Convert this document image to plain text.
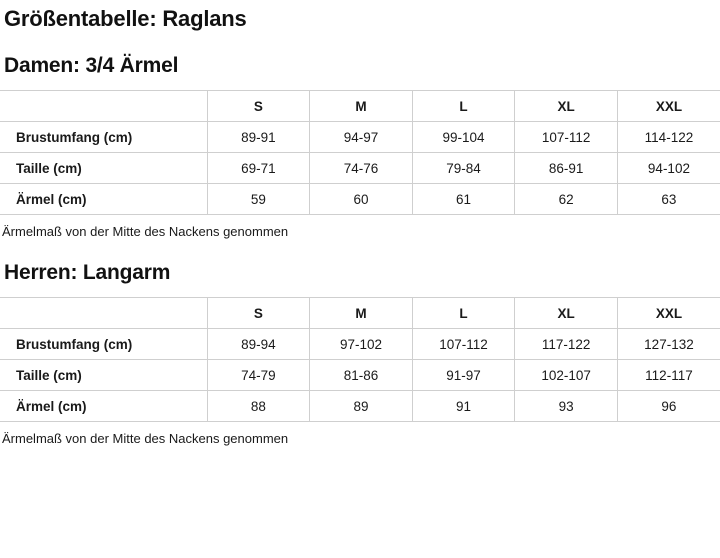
Größentabelle: Raglans
Damen: 3/4 Ärmel
	S	M	L	XL	XXL
Brustumfang (cm)	89-91	94-97	99-104	107-112	114-122
Taille (cm)	69-71	74-76	79-84	86-91	94-102
Ärmel (cm)	59	60	61	62	63
Ärmelmaß von der Mitte des Nackens genommen
Herren: Langarm
	S	M	L	XL	XXL
Brustumfang (cm)	89-94	97-102	107-112	117-122	127-132
Taille (cm)	74-79	81-86	91-97	102-107	112-117
Ärmel (cm)	88	89	91	93	96
Ärmelmaß von der Mitte des Nackens genommen
